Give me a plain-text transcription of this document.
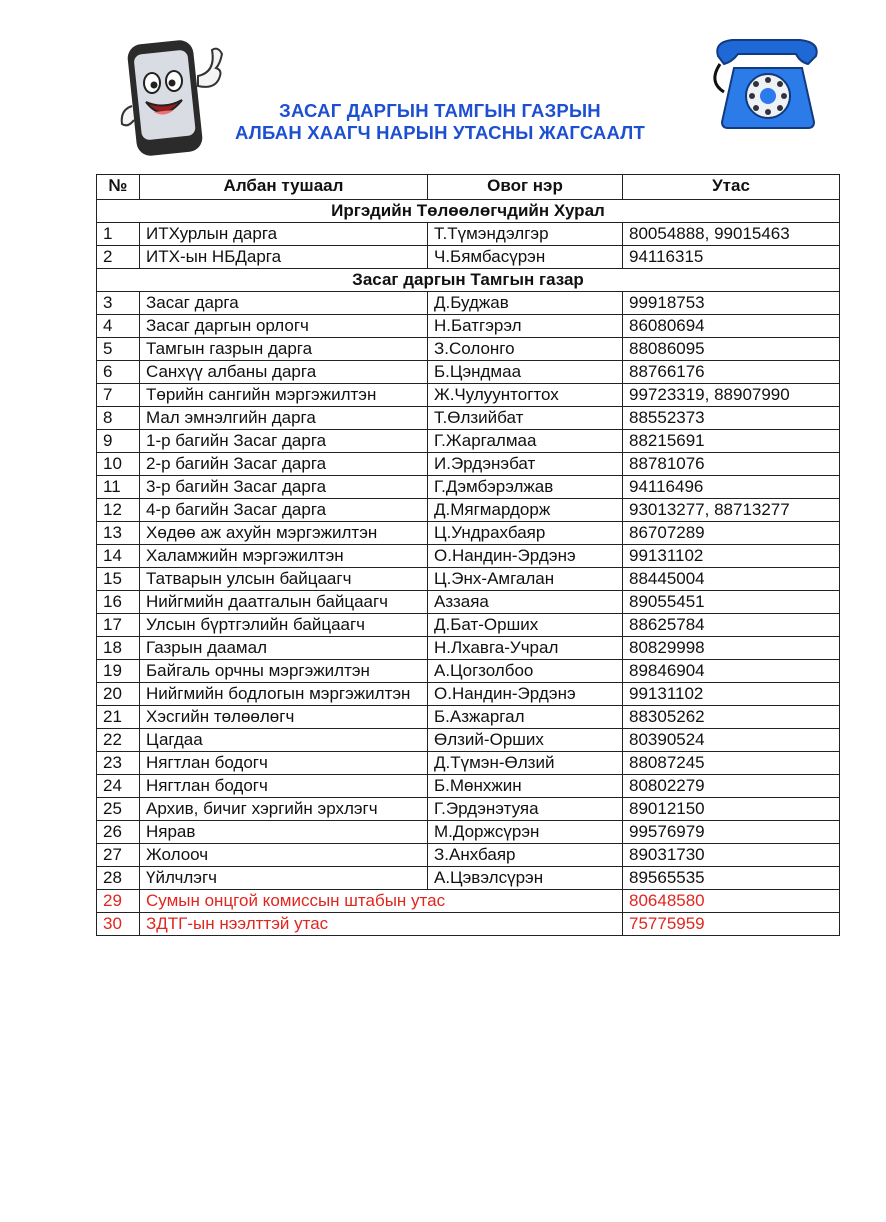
ЗАСАГ ДАРГЫН ТАМГЫН ГАЗРЫН
АЛБАН ХААГЧ НАРЫН УТАСНЫ ЖАГСААЛТ
№	Албан тушаал	Овог нэр	Утас
Иргэдийн Төлөөлөгчдийн Хурал			
1	ИТХурлын дарга	Т.Түмэндэлгэр	80054888, 99015463
2	ИТХ-ын НБДарга	Ч.Бямбасүрэн	94116315
Засаг даргын Тамгын газар			
3	Засаг дарга	Д.Буджав	99918753
4	Засаг даргын орлогч	Н.Батгэрэл	86080694
5	Тамгын газрын дарга	З.Солонго	88086095
6	Санхүү албаны дарга	Б.Цэндмаа	88766176
7	Төрийн сангийн мэргэжилтэн	Ж.Чулуунтогтох	99723319, 88907990
8	Мал эмнэлгийн дарга	Т.Өлзийбат	88552373
9	1-р багийн Засаг дарга	Г.Жаргалмаа	88215691
10	2-р багийн Засаг дарга	И.Эрдэнэбат	88781076
11	3-р багийн Засаг дарга	Г.Дэмбэрэлжав	94116496
12	4-р багийн Засаг дарга	Д.Мягмардорж	93013277, 88713277
13	Хөдөө аж ахуйн мэргэжилтэн	Ц.Ундрахбаяр	86707289
14	Халамжийн мэргэжилтэн	О.Нандин-Эрдэнэ	99131102
15	Татварын улсын байцаагч	Ц.Энх-Амгалан	88445004
16	Нийгмийн даатгалын байцаагч	Аззаяа	89055451
17	Улсын бүртгэлийн байцаагч	Д.Бат-Орших	88625784
18	Газрын даамал	Н.Лхавга-Учрал	80829998
19	Байгаль орчны мэргэжилтэн	А.Цогзолбоо	89846904
20	Нийгмийн бодлогын мэргэжилтэн	О.Нандин-Эрдэнэ	99131102
21	Хэсгийн төлөөлөгч	Б.Азжаргал	88305262
22	Цагдаа	Өлзий-Орших	80390524
23	Нягтлан бодогч	Д.Түмэн-Өлзий	88087245
24	Нягтлан бодогч	Б.Мөнхжин	80802279
25	Архив, бичиг хэргийн эрхлэгч	Г.Эрдэнэтуяа	89012150
26	Нярав	М.Доржсүрэн	99576979
27	Жолооч	З.Анхбаяр	89031730
28	Үйлчлэгч	А.Цэвэлсүрэн	89565535
29	Сумын онцгой комиссын штабын утас		80648580
30	ЗДТГ-ын нээлттэй утас		75775959
